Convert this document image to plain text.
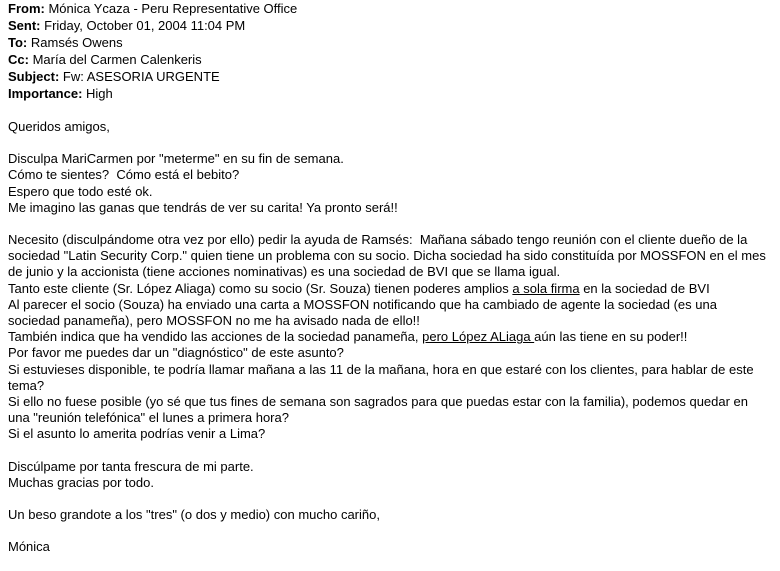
From: Mónica Ycaza - Peru Representative Office
Sent: Friday, October 01, 2004 11:04 PM
To: Ramsés Owens
Cc: María del Carmen Calenkeris
Subject: Fw: ASESORIA URGENTE
Importance: High
Queridos amigos,
Disculpa MariCarmen por "meterme" en su fin de semana.
Cómo te sientes?  Cómo está el bebito?
Espero que todo esté ok.
Me imagino las ganas que tendrás de ver su carita! Ya pronto será!!
Necesito (disculpándome otra vez por ello) pedir la ayuda de Ramsés:  Mañana sábado tengo reunión con el cliente dueño de la
sociedad "Latin Security Corp." quien tiene un problema con su socio. Dicha sociedad ha sido constituída por MOSSFON en el mes
de junio y la accionista (tiene acciones nominativas) es una sociedad de BVI que se llama igual.
Tanto este cliente (Sr. López Aliaga) como su socio (Sr. Souza) tienen poderes amplios a sola firma en la sociedad de BVI
Al parecer el socio (Souza) ha enviado una carta a MOSSFON notificando que ha cambiado de agente la sociedad (es una
sociedad panameña), pero MOSSFON no me ha avisado nada de ello!!
También indica que ha vendido las acciones de la sociedad panameña, pero López ALiaga aún las tiene en su poder!!
Por favor me puedes dar un "diagnóstico" de este asunto?
Si estuvieses disponible, te podría llamar mañana a las 11 de la mañana, hora en que estaré con los clientes, para hablar de este
tema?
Si ello no fuese posible (yo sé que tus fines de semana son sagrados para que puedas estar con la familia), podemos quedar en
una "reunión telefónica" el lunes a primera hora?
Si el asunto lo amerita podrías venir a Lima?
Discúlpame por tanta frescura de mi parte.
Muchas gracias por todo.
Un beso grandote a los "tres" (o dos y medio) con mucho cariño,
Mónica
